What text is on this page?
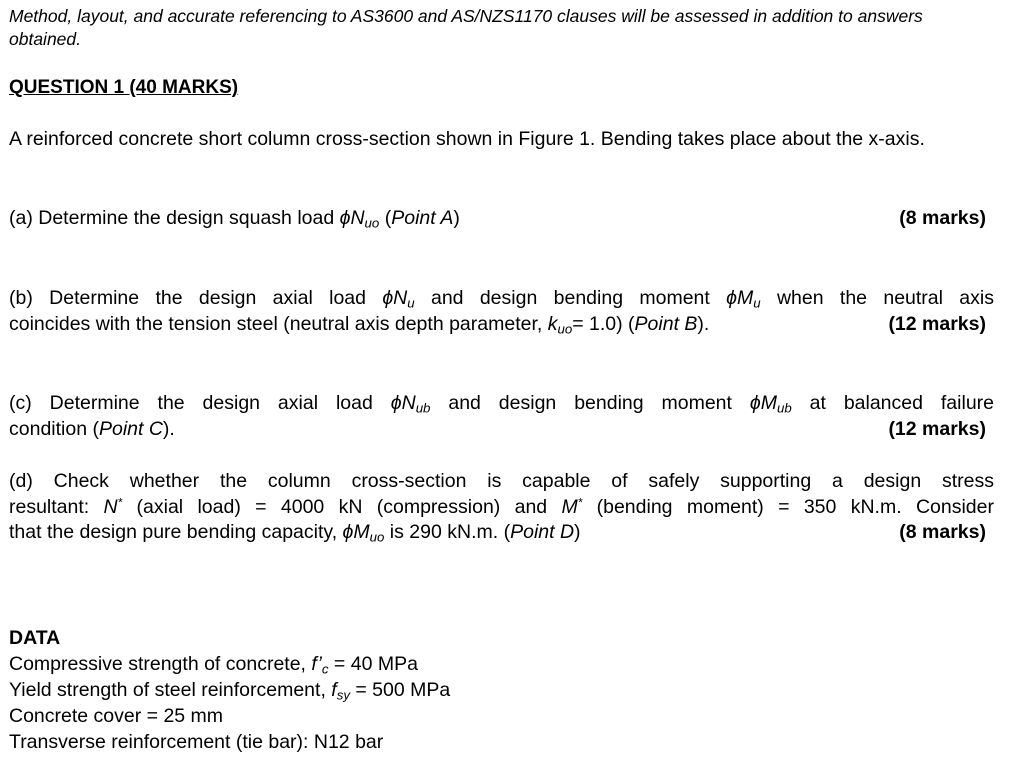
Method, layout, and accurate referencing to AS3600 and AS/NZS1170 clauses will be assessed in addition to answers obtained.

QUESTION 1 (40 MARKS)

A reinforced concrete short column cross-section shown in Figure 1. Bending takes place about the x-axis.

(a) Determine the design squash load $\phi N_{uo}$ (Point A)	(8 marks)
(b) Determine the design axial load $\phi N_u$ and design bending moment $\phi M_u$ when the neutral axis
coincides with the tension steel (neutral axis depth parameter, $k_{uo}= 1.0$) (Point B).	(12 marks)
(c) Determine the design axial load $\phi N_{ub}$ and design bending moment $\phi M_{ub}$ at balanced failure
condition (Point C).	(12 marks)
(d) Check whether the column cross-section is capable of safely supporting a design stress
resultant: N* (axial load) = 4000 kN (compression) and M* (bending moment) = 350 kN.m. Consider
that the design pure bending capacity, $\phi M_{uo}$ is 290 kN.m. (Point D)	(8 marks)
DATA
Compressive strength of concrete, $f’_c = 40$ MPa
Yield strength of steel reinforcement, $f_{sy} = 500$ MPa
Concrete cover = 25 mm
Transverse reinforcement (tie bar): N12 bar
